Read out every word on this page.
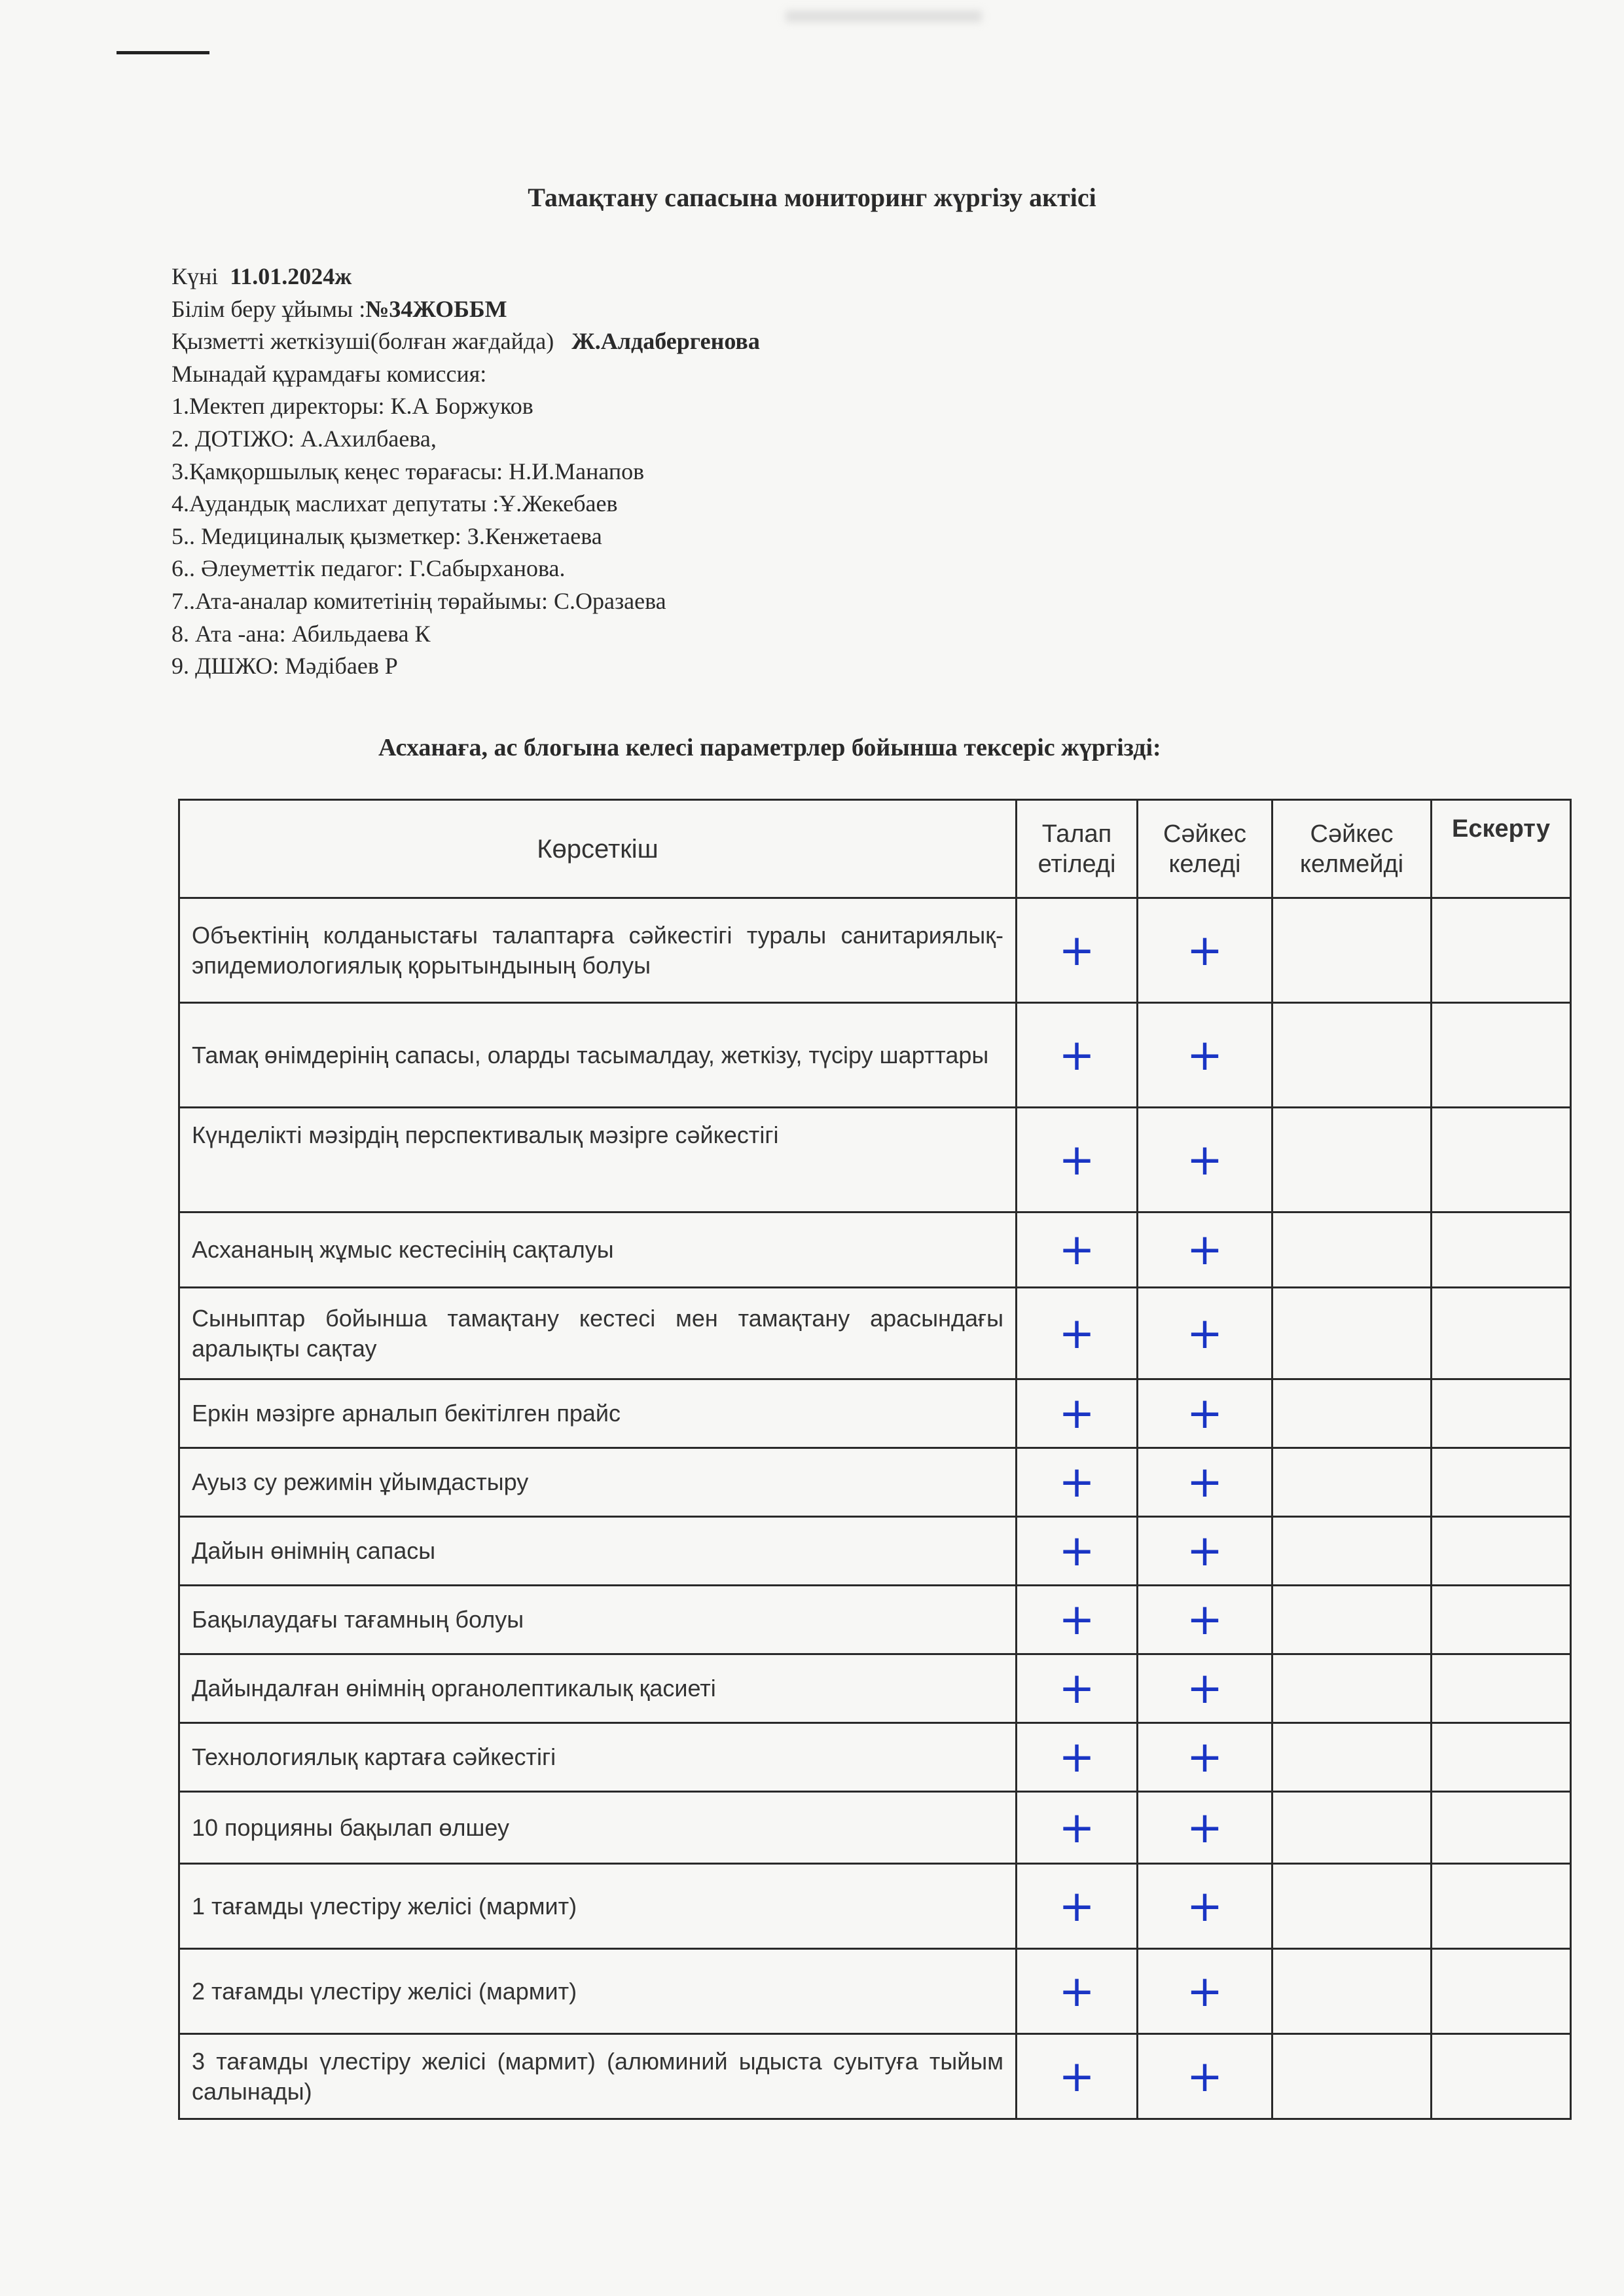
Тамақтану сапасына мониторинг жүргізу актісі
Күні 11.01.2024ж
Білім беру ұйымы :№34ЖОББМ
Қызметті жеткізуші(болған жағдайда) Ж.Алдабергенова
Мынадай құрамдағы комиссия:
1.Мектеп директоры: К.А Боржуков
2. ДОТІЖО: А.Ахилбаева,
3.Қамқоршылық кеңес төрағасы: Н.И.Манапов
4.Аудандық маслихат депутаты :Ұ.Жекебаев
5.. Медициналық қызметкер: З.Кенжетаева
6.. Әлеуметтік педагог: Г.Сабырханова.
7..Ата-аналар комитетінің төрайымы: С.Оразаева
8. Ата -ана: Абильдаева К
9. ДШЖО: Мәдібаев Р
Асханаға, ас блогына келесі параметрлер бойынша тексеріс жүргізді:
Көрсеткіш	Талап етіледі	Сәйкес келеді	Сәйкес келмейді	Ескерту
Объектінің колданыстағы талаптарға сәйкестігі туралы санитариялық-эпидемиологиялық қорытындының болуы	+	+		
Тамақ өнімдерінің сапасы, оларды тасымалдау, жеткізу, түсіру шарттары	+	+		
Күнделікті мәзірдің перспективалық мәзірге сәйкестігі	+	+		
Асхананың жұмыс кестесінің сақталуы	+	+		
Сыныптар бойынша тамақтану кестесі мен тамақтану арасындағы аралықты сақтау	+	+		
Еркін мәзірге арналып бекітілген прайс	+	+		
Ауыз су режимін ұйымдастыру	+	+		
Дайын өнімнің сапасы	+	+		
Бақылаудағы тағамның болуы	+	+		
Дайындалған өнімнің органолептикалық қасиеті	+	+		
Технологиялық картаға сәйкестігі	+	+		
10 порцияны бақылап өлшеу	+	+		
1 тағамды үлестіру желісі (мармит)	+	+		
2 тағамды үлестіру желісі (мармит)	+	+		
3 тағамды үлестіру желісі (мармит) (алюминий ыдыста суытуға тыйым салынады)	+	+		
